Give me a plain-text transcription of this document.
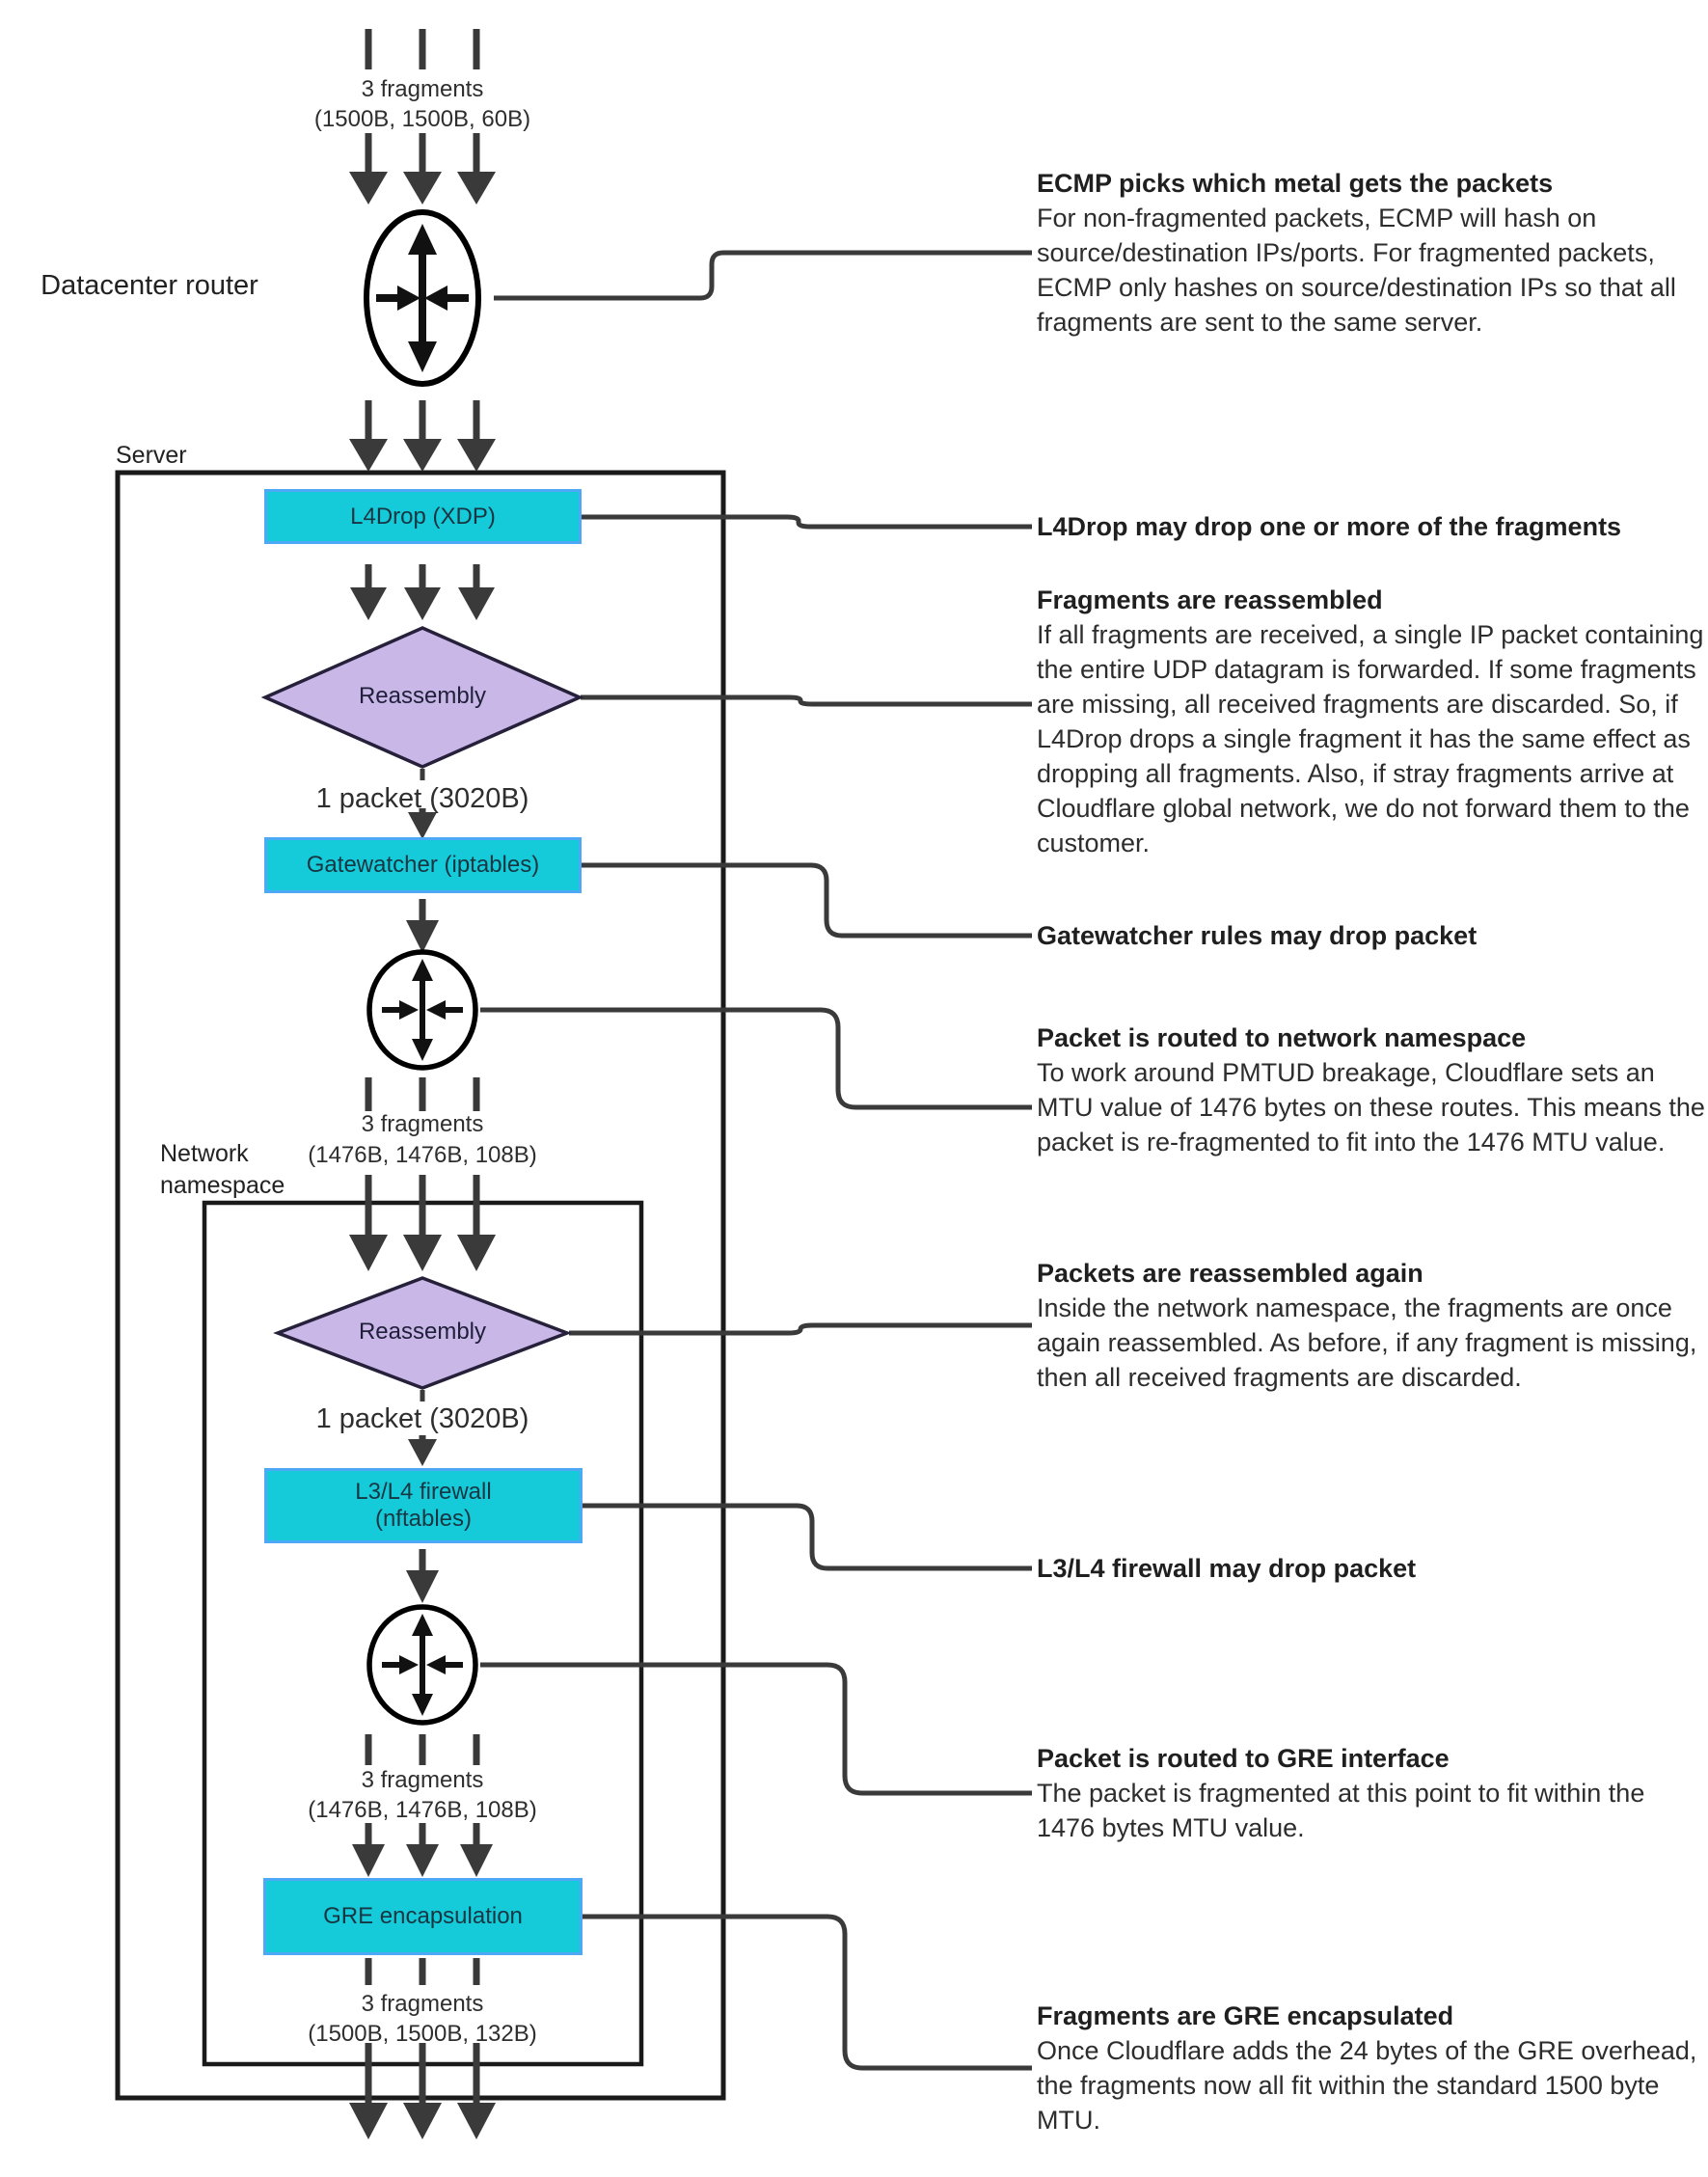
L4Drop (XDP)
Gatewatcher (iptables)
L3/L4 firewall
(nftables)
GRE encapsulation
Reassembly
Reassembly
3 fragments
(1500B, 1500B, 60B)
3 fragments
(1476B, 1476B, 108B)
3 fragments
(1476B, 1476B, 108B)
3 fragments
(1500B, 1500B, 132B)
1 packet (3020B)
1 packet (3020B)
Datacenter router
Server
Network namespace
ECMP picks which metal gets the packets
For non-fragmented packets, ECMP will hash on source/destination IPs/ports. For fragmented packets, ECMP only hashes on source/destination IPs so that all fragments are sent to the same server.
L4Drop may drop one or more of the fragments
Fragments are reassembled
If all fragments are received, a single IP packet containing the entire UDP datagram is forwarded. If some fragments are missing, all received fragments are discarded. So, if L4Drop drops a single fragment it has the same effect as dropping all fragments. Also, if stray fragments arrive at Cloudflare global network, we do not forward them to the customer.
Gatewatcher rules may drop packet
Packet is routed to network namespace
To work around PMTUD breakage, Cloudflare sets an MTU value of 1476 bytes on these routes. This means the packet is re-fragmented to fit into the 1476 MTU value.
Packets are reassembled again
Inside the network namespace, the fragments are once again reassembled. As before, if any fragment is missing, then all received fragments are discarded.
L3/L4 firewall may drop packet
Packet is routed to GRE interface
The packet is fragmented at this point to fit within the 1476 bytes MTU value.
Fragments are GRE encapsulated
Once Cloudflare adds the 24 bytes of the GRE overhead, the fragments now all fit within the standard 1500 byte MTU.
